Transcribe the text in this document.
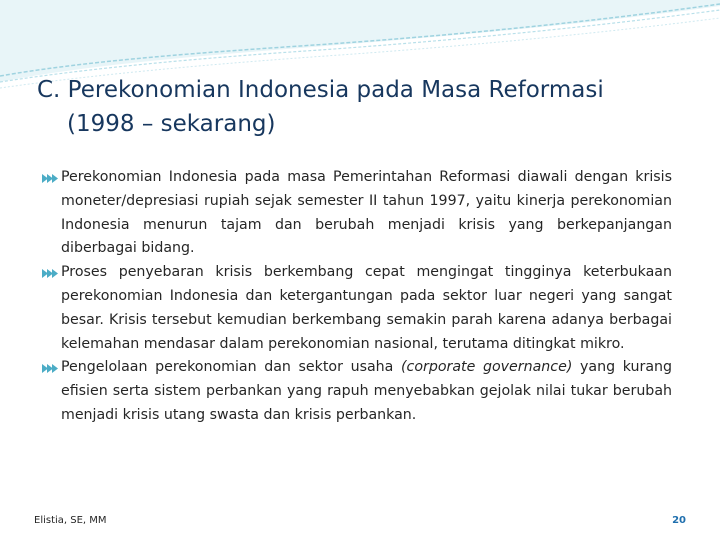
C. Perekonomian Indonesia pada Masa Reformasi
(1998 – sekarang)
Perekonomian Indonesia pada masa Pemerintahan Reformasi diawali dengan krisis moneter/depresiasi rupiah sejak semester II tahun 1997, yaitu kinerja perekonomian Indonesia menurun tajam dan berubah menjadi krisis yang berkepanjangan diberbagai bidang.
Proses penyebaran krisis berkembang cepat mengingat tingginya keterbukaan perekonomian Indonesia dan ketergantungan pada sektor luar negeri yang sangat besar. Krisis tersebut kemudian berkembang semakin parah karena adanya berbagai kelemahan mendasar dalam perekonomian nasional, terutama ditingkat mikro.
Pengelolaan perekonomian dan sektor usaha (corporate governance) yang kurang efisien serta sistem perbankan yang rapuh menyebabkan gejolak nilai tukar berubah menjadi krisis utang swasta dan krisis perbankan.
Elistia, SE, MM	20
